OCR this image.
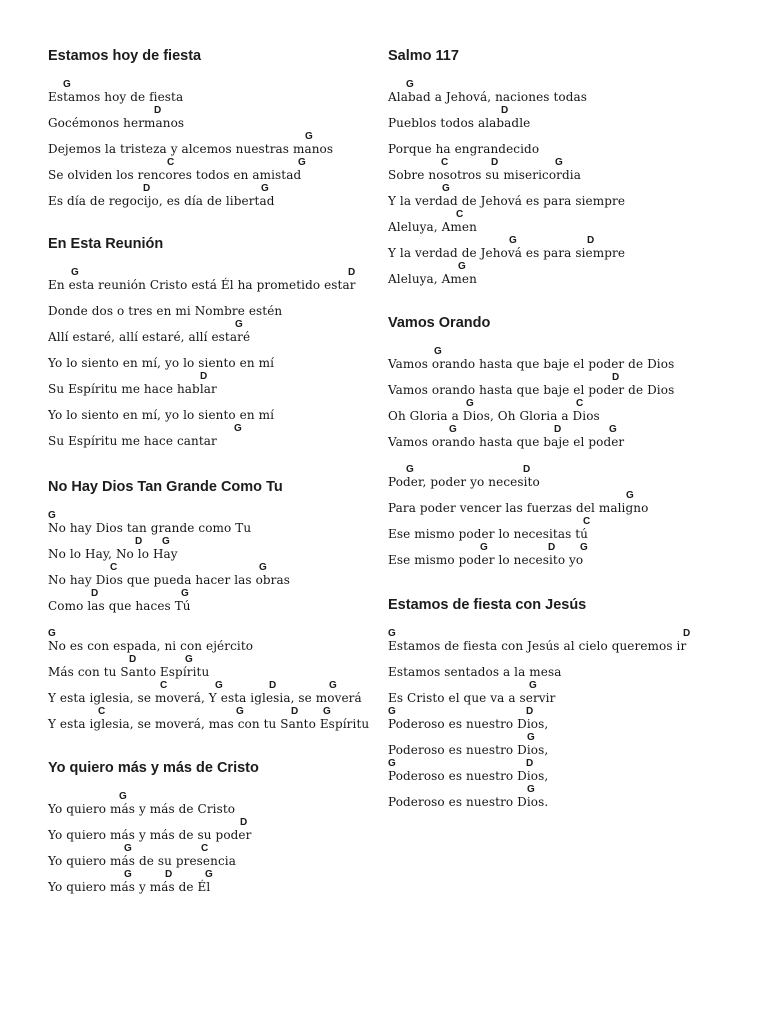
Estamos hoy de fiesta
G
Estamos hoy de fiesta
D
Gocémonos hermanos
G
Dejemos la tristeza y alcemos nuestras manos
C	G
Se olviden los rencores todos en amistad
D	G
Es día de regocijo, es día de libertad
En Esta Reunión
G	D
En esta reunión Cristo está Él ha prometido estar
Donde dos o tres en mi Nombre estén
G
Allí estaré, allí estaré, allí estaré
Yo lo siento en mí, yo lo siento en mí
D
Su Espíritu me hace hablar
Yo lo siento en mí, yo lo siento en mí
G
Su Espíritu me hace cantar
No Hay Dios Tan Grande Como Tu
G
No hay Dios tan grande como Tu
D G
No lo Hay, No lo Hay
C	G
No hay Dios que pueda hacer las obras
D	G
Como las que haces Tú
G
No es con espada, ni con ejército
D	G
Más con tu Santo Espíritu
C	G	D	G
Y esta iglesia, se moverá, Y esta iglesia, se moverá
C	G	D G
Y esta iglesia, se moverá, mas con tu Santo Espíritu
Yo quiero más y más de Cristo
G
Yo quiero más y más de Cristo
D
Yo quiero más y más de su poder
G	C
Yo quiero más de su presencia
G	D	G
Yo quiero más y más de Él
Salmo 117
G
Alabad a Jehová, naciones todas
D
Pueblos todos alabadle
Porque ha engrandecido
C	D	G
Sobre nosotros su misericordia
G
Y la verdad de Jehová es para siempre
C
Aleluya, Amen
G	D
Y la verdad de Jehová es para siempre
G
Aleluya, Amen
Vamos Orando
G
Vamos orando hasta que baje el poder de Dios
D
Vamos orando hasta que baje el poder de Dios
G	C
Oh Gloria a Dios, Oh Gloria a Dios
G	D	G
Vamos orando hasta que baje el poder
G	D
Poder, poder yo necesito
G
Para poder vencer las fuerzas del maligno
C
Ese mismo poder lo necesitas tú
G	D G
Ese mismo poder lo necesito yo
Estamos de fiesta con Jesús
G	D
Estamos de fiesta con Jesús al cielo queremos ir
Estamos sentados a la mesa
G
Es Cristo el que va a servir
G	D
Poderoso es nuestro Dios,
G
Poderoso es nuestro Dios,
G	D
Poderoso es nuestro Dios,
G
Poderoso es nuestro Dios.
